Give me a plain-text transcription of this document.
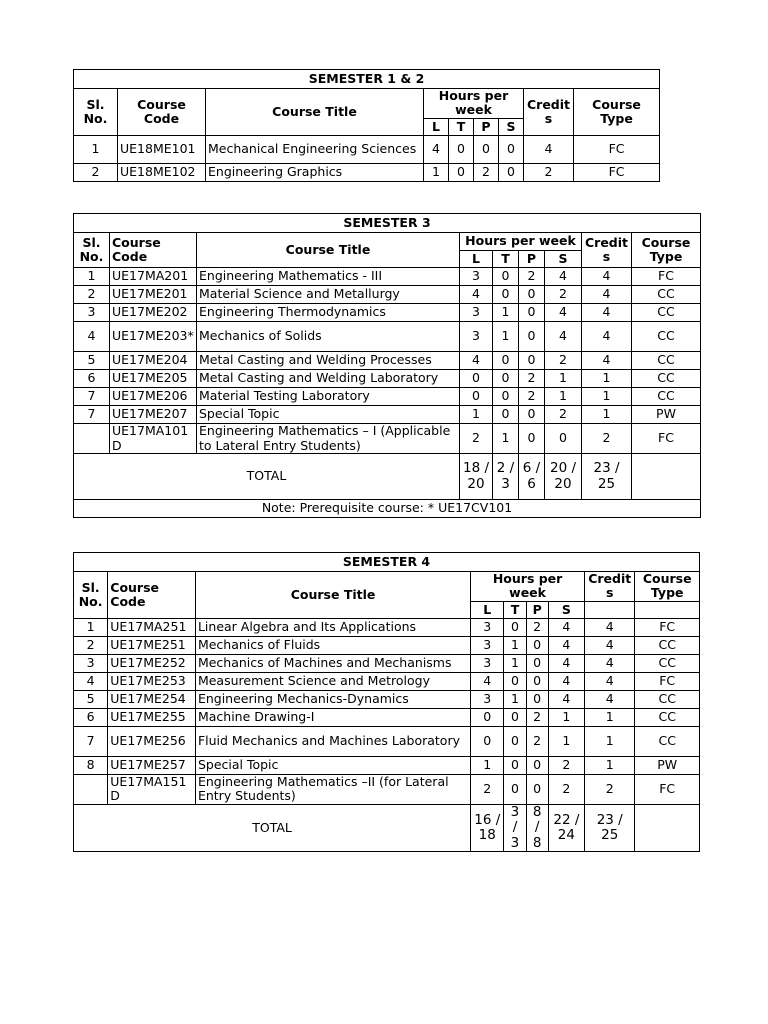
SEMESTER 1 & 2								
Sl. No.	Course Code	Course Title	Hours per week				Credits	Course Type
			L	T	P	S		
1	UE18ME101	Mechanical Engineering Sciences	4	0	0	0	4	FC
2	UE18ME102	Engineering Graphics	1	0	2	0	2	FC
SEMESTER 3								
Sl. No.	Course Code	Course Title	Hours per week				Credits	Course Type
			L	T	P	S		
1	UE17MA201	Engineering Mathematics - III	3	0	2	4	4	FC
2	UE17ME201	Material Science and Metallurgy	4	0	0	2	4	CC
3	UE17ME202	Engineering Thermodynamics	3	1	0	4	4	CC
4	UE17ME203*	Mechanics of Solids	3	1	0	4	4	CC
5	UE17ME204	Metal Casting and Welding Processes	4	0	0	2	4	CC
6	UE17ME205	Metal Casting and Welding Laboratory	0	0	2	1	1	CC
7	UE17ME206	Material Testing Laboratory	0	0	2	1	1	CC
7	UE17ME207	Special Topic	1	0	0	2	1	PW
	UE17MA101D	Engineering Mathematics – I (Applicable to Lateral Entry Students)	2	1	0	0	2	FC
TOTAL			18 / 20	2 / 3	6 / 6	20 / 20	23 / 25	
Note: Prerequisite course: * UE17CV101								
SEMESTER 4								
Sl. No.	Course Code	Course Title	Hours per week				Credits	Course Type
			L	T	P	S		
1	UE17MA251	Linear Algebra and Its Applications	3	0	2	4	4	FC
2	UE17ME251	Mechanics of Fluids	3	1	0	4	4	CC
3	UE17ME252	Mechanics of Machines and Mechanisms	3	1	0	4	4	CC
4	UE17ME253	Measurement Science and Metrology	4	0	0	4	4	FC
5	UE17ME254	Engineering Mechanics-Dynamics	3	1	0	4	4	CC
6	UE17ME255	Machine Drawing-I	0	0	2	1	1	CC
7	UE17ME256	Fluid Mechanics and Machines Laboratory	0	0	2	1	1	CC
8	UE17ME257	Special Topic	1	0	0	2	1	PW
	UE17MA151D	Engineering Mathematics –II (for Lateral Entry Students)	2	0	0	2	2	FC
TOTAL			16 / 18	3 / 3	8 / 8	22 / 24	23 / 25	
